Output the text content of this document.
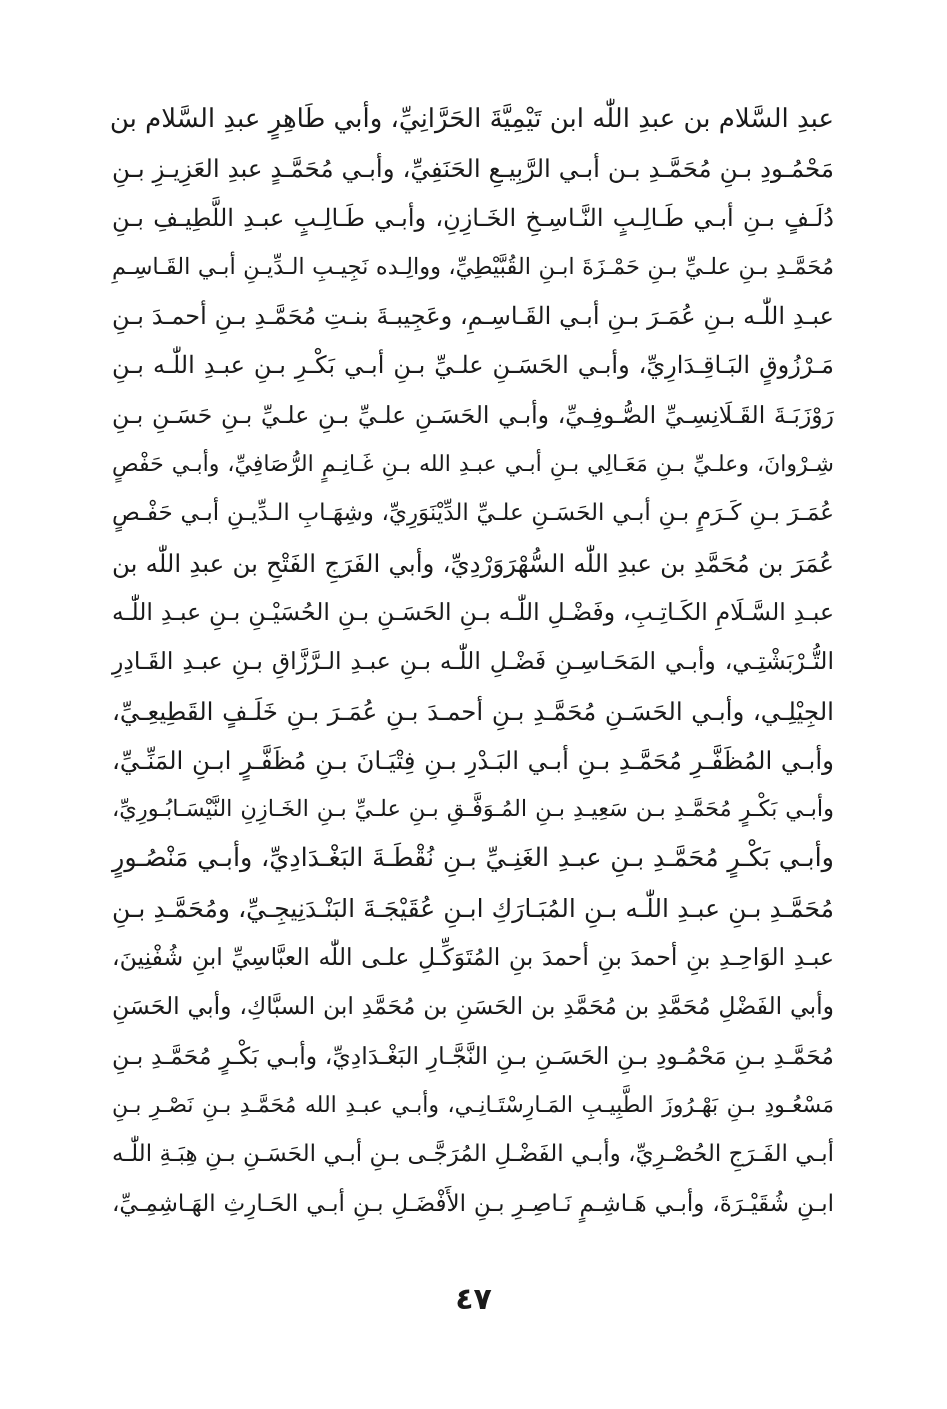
عبدِ السَّلام بن عبدِ اللّٰه ابن تَيْمِيَّةَ الحَرَّانِيِّ، وأبي طَاهِرٍ عبدِ السَّلام بن
مَحْمُـودِ بـنِ مُحَمَّـدِ بـن أبـي الرَّبِيـعِ الحَنَفِيِّ، وأبـي مُحَمَّـدٍ عبدِ العَزِيـزِ بـنِ
دُلَـفٍ بـنِ أبـي طَـالِـبٍ النَّـاسِـخِ الخَـازِنِ، وأبـي طَـالِـبٍ عبـدِ اللَّطِيـفِ بـنِ
مُحَمَّـدِ بـنِ علـيِّ بـنِ حَمْـزَةَ ابـنِ القُبَّيْطِيِّ، ووالِـده نَجِيـبِ الـدِّيـنِ أبـي القَـاسِـمِ
عبـدِ اللّٰـه بـنِ عُمَـرَ بـنِ أبـي القَـاسِـمِ، وعَجِيبـةَ بنـتِ مُحَمَّـدِ بـنِ أحمـدَ بـنِ
مَـرْزُوقٍ البَـاقِـدَارِيِّ، وأبـي الحَسَـنِ علـيِّ بـنِ أبـي بَكْـرِ بـنِ عبـدِ اللّٰـه بـنِ
رَوْزَبَـةَ القَـلَانِسِـيِّ الصُّـوفِـيِّ، وأبـي الحَسَـنِ علـيِّ بـنِ علـيِّ بـنِ حَسَـنِ بـنِ
شِـرْوانَ، وعلـيِّ بـنِ مَعَـالِي بـنِ أبـي عبـدِ الله بـنِ غَـانِـمٍ الرُّصَافِيِّ، وأبـي حَفْصٍ
عُمَـرَ بـنِ كَـرَمٍ بـنِ أبـي الحَسَـنِ علـيِّ الدِّيْنَوَرِيِّ، وشِهَـابِ الـدِّيـنِ أبـي حَفْـصٍ
عُمَرَ بن مُحَمَّدِ بن عبدِ اللّٰه السُّهْرَوَرْدِيِّ، وأبي الفَرَجِ الفَتْحِ بن عبدِ اللّٰه بن
عبـدِ السَّـلَامِ الكَـاتِـبِ، وفَضْـلِ اللّٰـه بـنِ الحَسَـنِ بـنِ الحُسَيْـنِ بـنِ عبـدِ اللّٰـه
التُّـرْبَشْتِـي، وأبـي المَحَـاسِـنِ فَضْـلِ اللّٰـه بـنِ عبـدِ الـرَّزَّاقِ بـنِ عبـدِ القَـادِرِ
الجِيْلِـي، وأبـي الحَسَـنِ مُحَمَّـدِ بـنِ أحمـدَ بـنِ عُمَـرَ بـنِ خَلَـفٍ القَطِيعِـيِّ،
وأبـي المُظَفَّـرِ مُحَمَّـدِ بـنِ أبـي البَـدْرِ بـنِ فِتْيَـانَ بـنِ مُظَفَّـرٍ ابـنِ المَنِّـيِّ،
وأبـي بَكْـرٍ مُحَمَّـدِ بـن سَعِيـدِ بـنِ المُـوَفَّـقِ بـنِ علـيِّ بـنِ الخَـازِنِ النَّيْسَـابُـورِيِّ،
وأبـي بَكْـرٍ مُحَمَّـدِ بـنِ عبـدِ الغَنِـيِّ بـنِ نُقْطَـةَ البَغْـدَادِيِّ، وأبـي مَنْصُـورٍ
مُحَمَّـدِ بـنِ عبـدِ اللّٰـه بـنِ المُبَـارَكِ ابـنِ عُقَيْجَـةَ البَنْـدَنِيجِـيِّ، ومُحَمَّـدِ بـنِ
عبـدِ الوَاحِـدِ بنِ أحمدَ بنِ أحمدَ بنِ المُتَوَكِّـلِ علـى اللّٰه العبَّاسِيِّ ابنِ شُفْنِينَ،
وأبي الفَضْلِ مُحَمَّدِ بن مُحَمَّدِ بن الحَسَنِ بن مُحَمَّدِ ابن السبَّاكِ، وأبي الحَسَنِ
مُحَمَّـدِ بـنِ مَحْمُـودِ بـنِ الحَسَـنِ بـنِ النَّجَّـارِ البَغْـدَادِيِّ، وأبـي بَكْـرٍ مُحَمَّـدِ بـنِ
مَسْعُـودِ بـنِ بَهْـرُوزَ الطَّبِيـبِ المَـارِسْتَـانِـي، وأبـي عبـدِ الله مُحَمَّـدِ بـنِ نَصْـرِ بـنِ
أبـي الفَـرَجِ الحُصْـرِيِّ، وأبـي الفَضْـلِ المُرَجَّـى بـنِ أبـي الحَسَـنِ بـنِ هِبَـةِ اللّٰـه
ابـنِ شُقَيْـرَةَ، وأبـي هَـاشِـمٍ نَـاصِـرِ بـنِ الأَفْضَـلِ بـنِ أبـي الحَـارِثِ الهَـاشِمِـيِّ،
٤٧
